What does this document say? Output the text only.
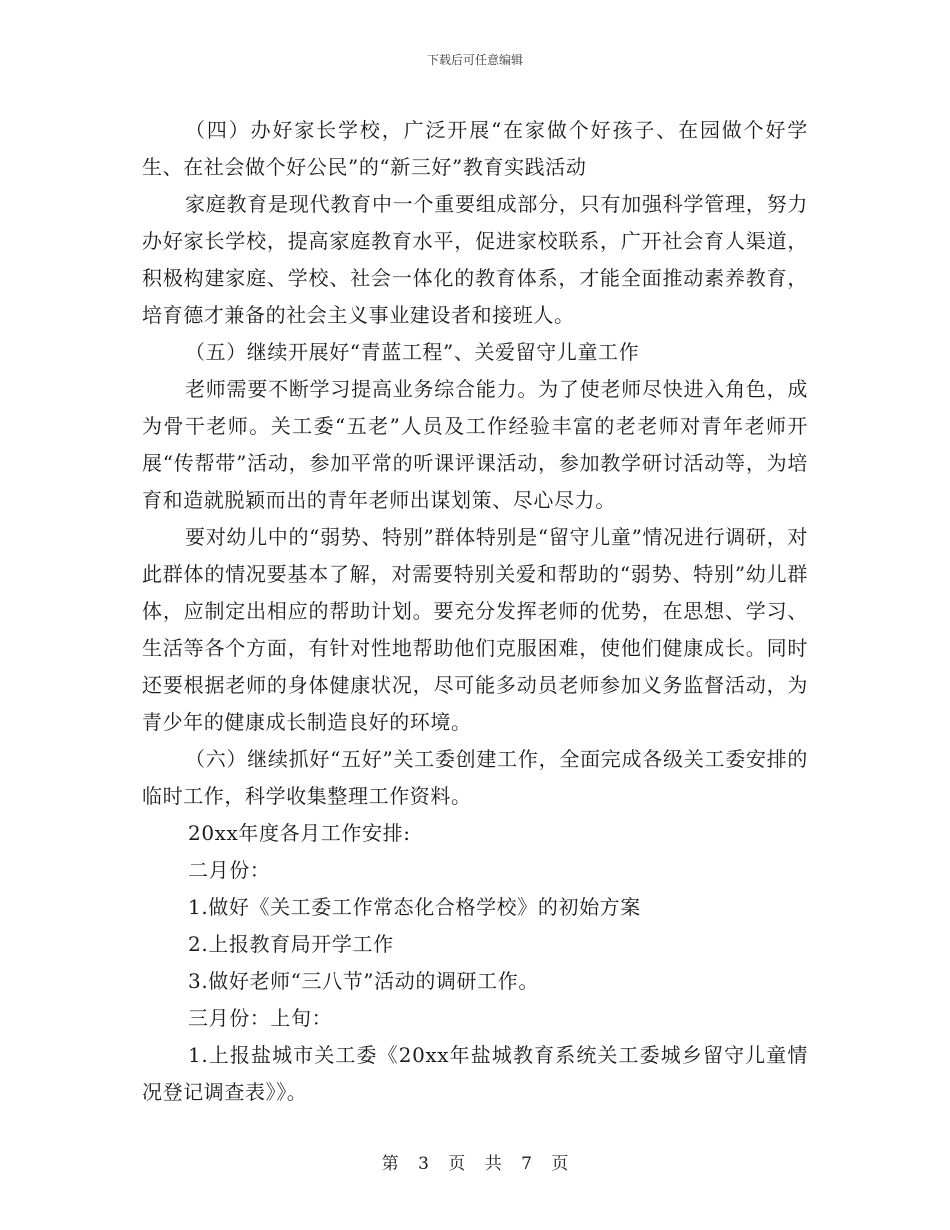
下载后可任意编辑

（四）办好家长学校，广泛开展“在家做个好孩子、在园做个好学生、在社会做个好公民”的“新三好”教育实践活动

家庭教育是现代教育中一个重要组成部分，只有加强科学管理，努力办好家长学校，提高家庭教育水平，促进家校联系，广开社会育人渠道，积极构建家庭、学校、社会一体化的教育体系，才能全面推动素养教育，培育德才兼备的社会主义事业建设者和接班人。

（五）继续开展好“青蓝工程”、关爱留守儿童工作

老师需要不断学习提高业务综合能力。为了使老师尽快进入角色，成为骨干老师。关工委“五老”人员及工作经验丰富的老老师对青年老师开展“传帮带”活动，参加平常的听课评课活动，参加教学研讨活动等，为培育和造就脱颖而出的青年老师出谋划策、尽心尽力。

要对幼儿中的“弱势、特别”群体特别是“留守儿童”情况进行调研，对此群体的情况要基本了解，对需要特别关爱和帮助的“弱势、特别”幼儿群体，应制定出相应的帮助计划。要充分发挥老师的优势，在思想、学习、生活等各个方面，有针对性地帮助他们克服困难，使他们健康成长。同时还要根据老师的身体健康状况，尽可能多动员老师参加义务监督活动，为青少年的健康成长制造良好的环境。

（六）继续抓好“五好”关工委创建工作，全面完成各级关工委安排的临时工作，科学收集整理工作资料。

20xx年度各月工作安排:

二月份：

1.做好《关工委工作常态化合格学校》的初始方案

2.上报教育局开学工作

3.做好老师“三八节”活动的调研工作。

三月份：上旬：

1.上报盐城市关工委《20xx年盐城教育系统关工委城乡留守儿童情况登记调查表》》。

第 3 页 共 7 页
